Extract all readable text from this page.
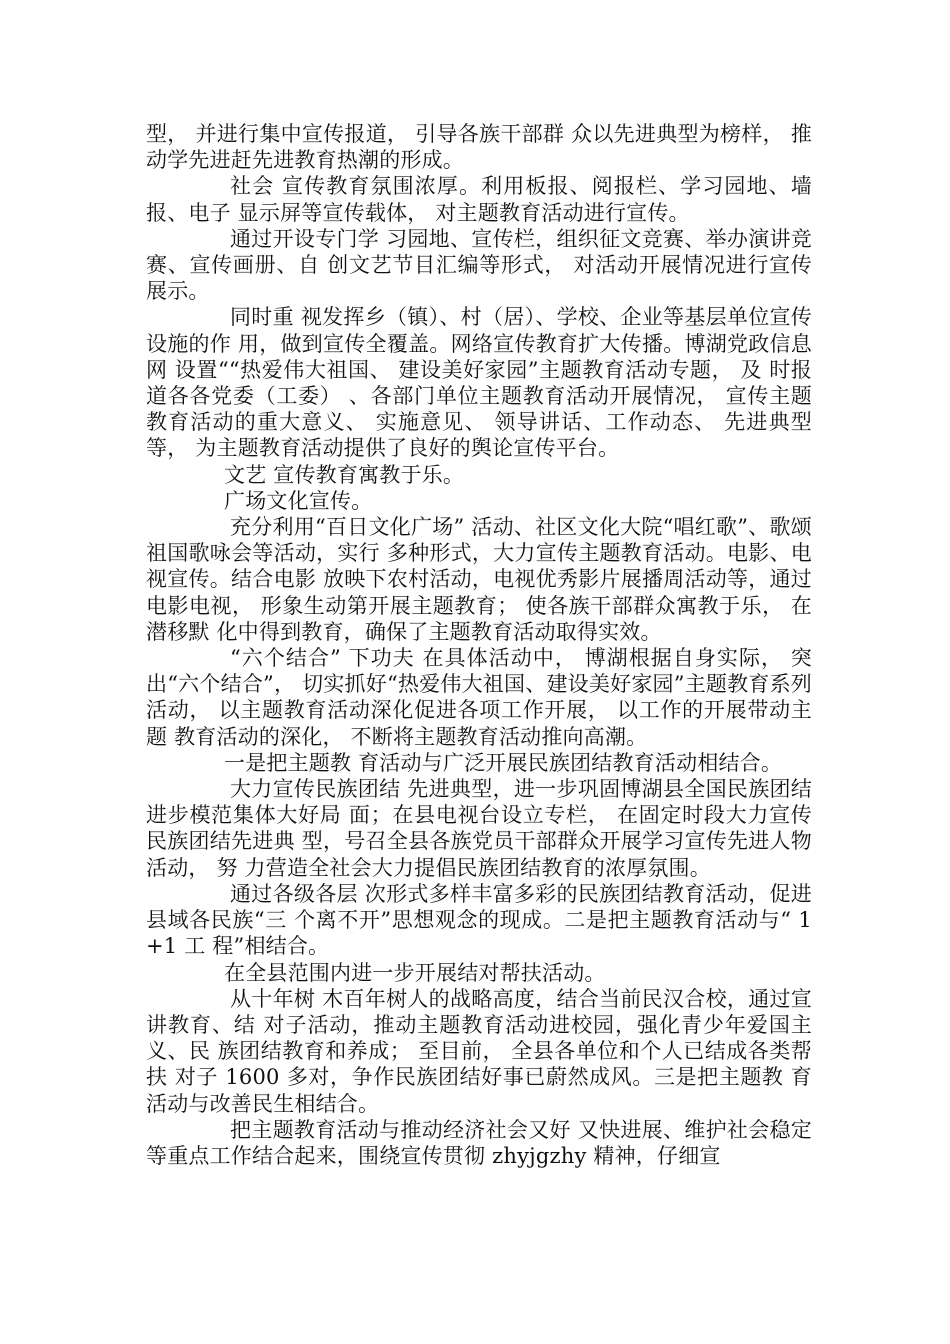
型， 并进行集中宣传报道， 引导各族干部群 众以先进典型为榜样， 推动学先进赶先进教育热潮的形成。

社会 宣传教育氛围浓厚。利用板报、阅报栏、学习园地、墙报、电子 显示屏等宣传载体， 对主题教育活动进行宣传。

通过开设专门学 习园地、宣传栏，组织征文竞赛、举办演讲竞赛、宣传画册、自 创文艺节目汇编等形式， 对活动开展情况进行宣传展示。

同时重 视发挥乡（镇）、村（居）、学校、企业等基层单位宣传设施的作 用，做到宣传全覆盖。网络宣传教育扩大传播。博湖党政信息网 设置““热爱伟大祖国、 建设美好家园”主题教育活动专题， 及 时报道各各党委（工委） 、各部门单位主题教育活动开展情况， 宣传主题教育活动的重大意义、 实施意见、 领导讲话、工作动态、 先进典型等， 为主题教育活动提供了良好的舆论宣传平台。

文艺 宣传教育寓教于乐。

广场文化宣传。

充分利用“百日文化广场” 活动、社区文化大院“唱红歌”、歌颂祖国歌咏会等活动，实行 多种形式，大力宣传主题教育活动。电影、电视宣传。结合电影 放映下农村活动，电视优秀影片展播周活动等，通过电影电视， 形象生动第开展主题教育； 使各族干部群众寓教于乐， 在潜移默 化中得到教育，确保了主题教育活动取得实效。

“六个结合” 下功夫 在具体活动中， 博湖根据自身实际， 突出“六个结合”， 切实抓好“热爱伟大祖国、建设美好家园”主题教育系列活动， 以主题教育活动深化促进各项工作开展， 以工作的开展带动主题 教育活动的深化， 不断将主题教育活动推向高潮。

一是把主题教 育活动与广泛开展民族团结教育活动相结合。

大力宣传民族团结 先进典型，进一步巩固博湖县全国民族团结进步模范集体大好局 面；在县电视台设立专栏， 在固定时段大力宣传民族团结先进典 型，号召全县各族党员干部群众开展学习宣传先进人物活动， 努 力营造全社会大力提倡民族团结教育的浓厚氛围。

通过各级各层 次形式多样丰富多彩的民族团结教育活动，促进县域各民族“三 个离不开”思想观念的现成。二是把主题教育活动与“ 1+1 工 程”相结合。

在全县范围内进一步开展结对帮扶活动。

从十年树 木百年树人的战略高度，结合当前民汉合校，通过宣讲教育、结 对子活动，推动主题教育活动进校园，强化青少年爱国主义、民 族团结教育和养成； 至目前， 全县各单位和个人已结成各类帮扶 对子 1600 多对，争作民族团结好事已蔚然成风。三是把主题教 育活动与改善民生相结合。

把主题教育活动与推动经济社会又好 又快进展、维护社会稳定等重点工作结合起来，围绕宣传贯彻 zhyjgzhy 精神，仔细宣
